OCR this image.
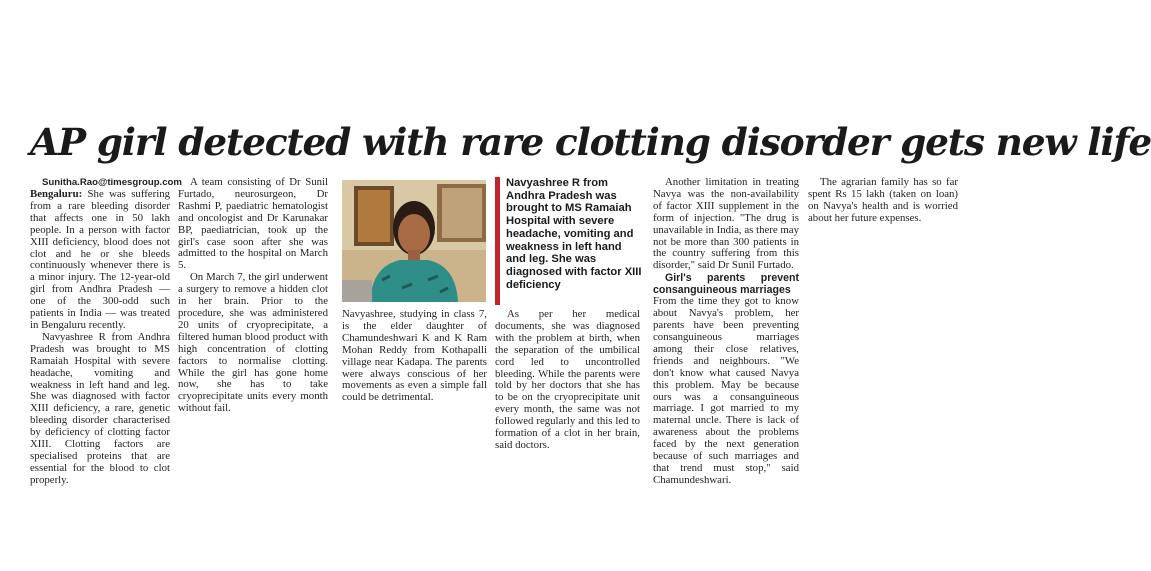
AP girl detected with rare clotting disorder gets new life

Sunitha.Rao@timesgroup.com

Bengaluru: She was suffering from a rare bleeding disorder that affects one in 50 lakh people. In a person with factor XIII deficiency, blood does not clot and he or she bleeds continuously whenever there is a minor injury. The 12-year-old girl from Andhra Pradesh — one of the 300-odd such patients in India — was treated in Bengaluru recently.

Navyashree R from Andhra Pradesh was brought to MS Ramaiah Hospital with severe headache, vomiting and weakness in left hand and leg. She was diagnosed with factor XIII deficiency, a rare, genetic bleeding disorder characterised by deficiency of clotting factor XIII. Clotting factors are specialised proteins that are essential for the blood to clot properly.

A team consisting of Dr Sunil Furtado, neurosurgeon, Dr Rashmi P, paediatric hematologist and oncologist and Dr Karunakar BP, paediatrician, took up the girl's case soon after she was admitted to the hospital on March 5.

On March 7, the girl underwent a surgery to remove a hidden clot in her brain. Prior to the procedure, she was administered 20 units of cryoprecipitate, a filtered human blood product with high concentration of clotting factors to normalise clotting. While the girl has gone home now, she has to take cryoprecipitate units every month without fail.

Navyashree, studying in class 7, is the elder daughter of Chamundeshwari K and K Ram Mohan Reddy from Kothapalli village near Kadapa. The parents were always conscious of her movements as even a simple fall could be detrimental.

Navyashree R from Andhra Pradesh was brought to MS Ramaiah Hospital with severe headache, vomiting and weakness in left hand and leg. She was diagnosed with factor XIII deficiency

As per her medical documents, she was diagnosed with the problem at birth, when the separation of the umbilical cord led to uncontrolled bleeding. While the parents were told by her doctors that she has to be on the cryoprecipitate unit every month, the same was not followed regularly and this led to formation of a clot in her brain, said doctors.

Another limitation in treating Navya was the non-availability of factor XIII supplement in the form of injection. "The drug is unavailable in India, as there may not be more than 300 patients in the country suffering from this disorder," said Dr Sunil Furtado.

Girl's parents prevent consanguineous marriages

From the time they got to know about Navya's problem, her parents have been preventing consanguineous marriages among their close relatives, friends and neighbours. "We don't know what caused Navya this problem. May be because ours was a consanguineous marriage. I got married to my maternal uncle. There is lack of awareness about the problems faced by the next generation because of such marriages and that trend must stop," said Chamundeshwari.

The agrarian family has so far spent Rs 15 lakh (taken on loan) on Navya's health and is worried about her future expenses.
